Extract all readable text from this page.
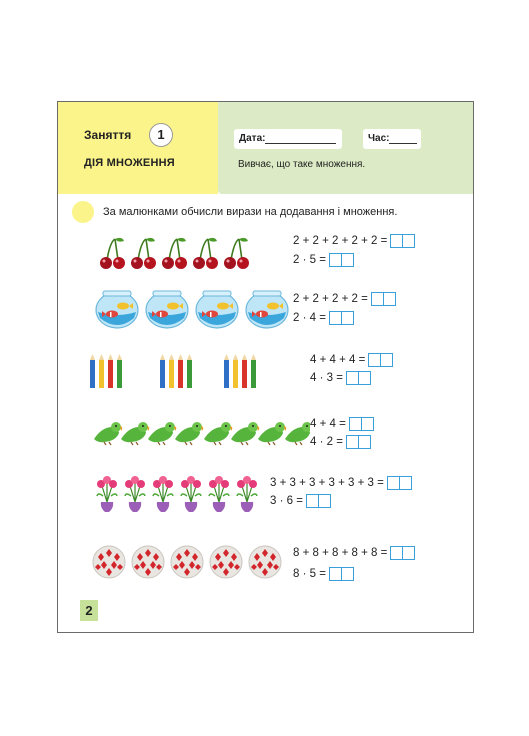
Заняття	1
ДІЯ МНОЖЕННЯ
Дата:	Час:
Вивчає, що таке множення.
За малюнками обчисли вирази на додавання і множення.
2 + 2 + 2 + 2 + 2 =
2 · 5 =
2 + 2 + 2 + 2 =
2 · 4 =
4 + 4 + 4 =
4 · 3 =
4 + 4 =
4 · 2 =
3 + 3 + 3 + 3 + 3 + 3 =
3 · 6 =
8 + 8 + 8 + 8 + 8 =
8 · 5 =
2
